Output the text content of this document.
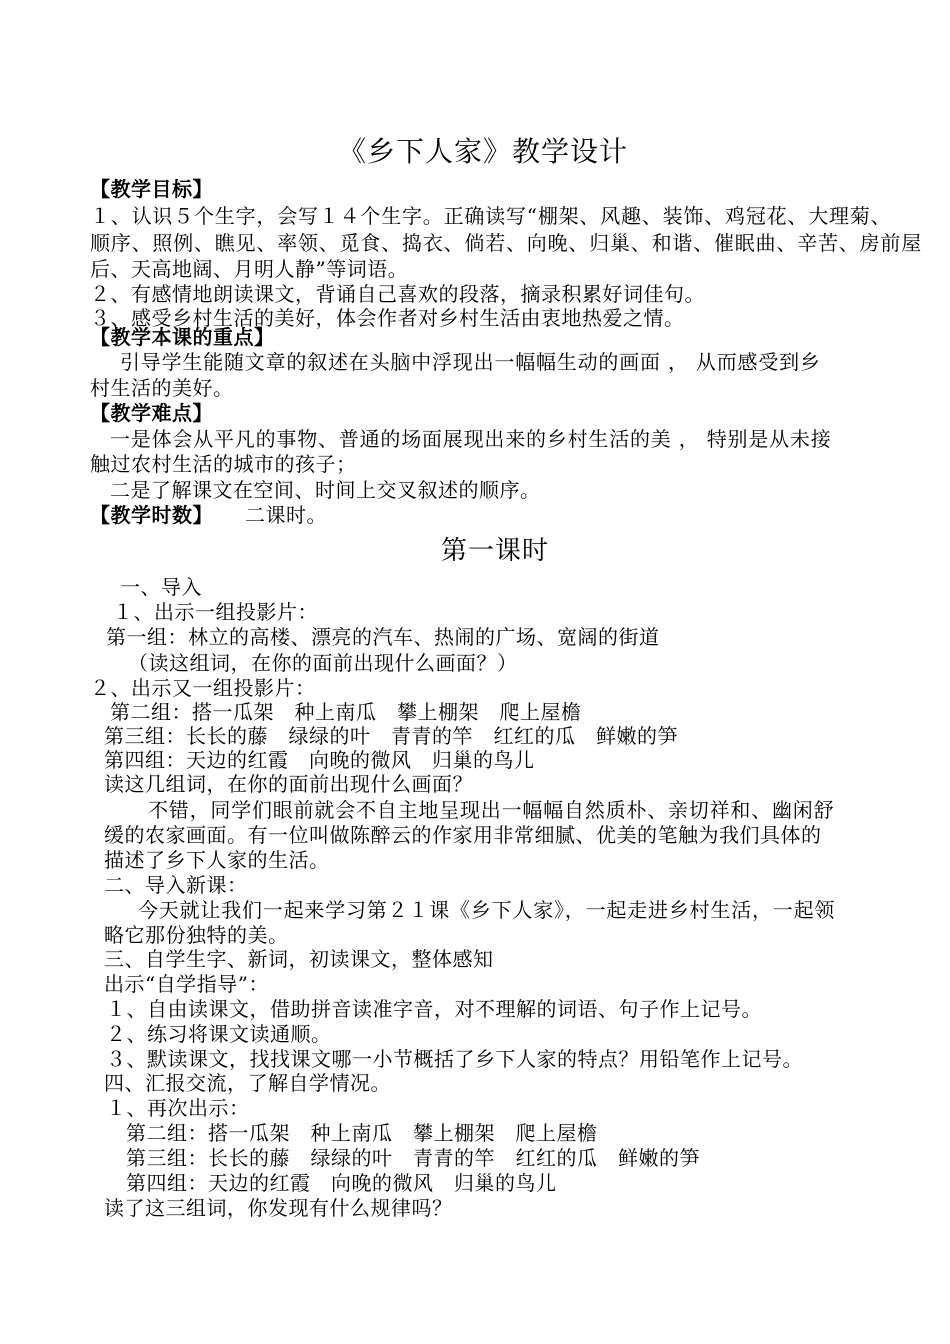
《乡下人家》教学设计
【教学目标】
１、认识５个生字，会写１４个生字。正确读写“棚架、风趣、装饰、鸡冠花、大理菊、
顺序、照例、瞧见、率领、觅食、捣衣、倘若、向晚、归巢、和谐、催眠曲、辛苦、房前屋
后、天高地阔、月明人静”等词语。
２、有感情地朗读课文，背诵自己喜欢的段落，摘录积累好词佳句。
３、感受乡村生活的美好，体会作者对乡村生活由衷地热爱之情。
【教学本课的重点】
引导学生能随文章的叙述在头脑中浮现出一幅幅生动的画面 ， 从而感受到乡
村生活的美好。
【教学难点】
一是体会从平凡的事物、普通的场面展现出来的乡村生活的美 ， 特别是从未接
触过农村生活的城市的孩子；
二是了解课文在空间、时间上交叉叙述的顺序。
【教学时数】 二课时。
第一课时
一、导入
１、出示一组投影片：
第一组：林立的高楼、漂亮的汽车、热闹的广场、宽阔的街道
（读这组词，在你的面前出现什么画面？）
２、出示又一组投影片：
第二组：搭一瓜架　种上南瓜　攀上棚架　爬上屋檐
第三组：长长的藤　绿绿的叶　青青的竿　红红的瓜　鲜嫩的笋
第四组：天边的红霞　向晚的微风　归巢的鸟儿
读这几组词，在你的面前出现什么画面？
不错，同学们眼前就会不自主地呈现出一幅幅自然质朴、亲切祥和、幽闲舒
缓的农家画面。有一位叫做陈醉云的作家用非常细腻、优美的笔触为我们具体的
描述了乡下人家的生活。
二、导入新课：
今天就让我们一起来学习第２１课《乡下人家》，一起走进乡村生活，一起领
略它那份独特的美。
三、自学生字、新词，初读课文，整体感知
出示“自学指导”：
１、自由读课文，借助拼音读准字音，对不理解的词语、句子作上记号。
２、练习将课文读通顺。
３、默读课文，找找课文哪一小节概括了乡下人家的特点？用铅笔作上记号。
四、汇报交流，了解自学情况。
１、再次出示：
第二组：搭一瓜架　种上南瓜　攀上棚架　爬上屋檐
第三组：长长的藤　绿绿的叶　青青的竿　红红的瓜　鲜嫩的笋
第四组：天边的红霞　向晚的微风　归巢的鸟儿
读了这三组词，你发现有什么规律吗？
